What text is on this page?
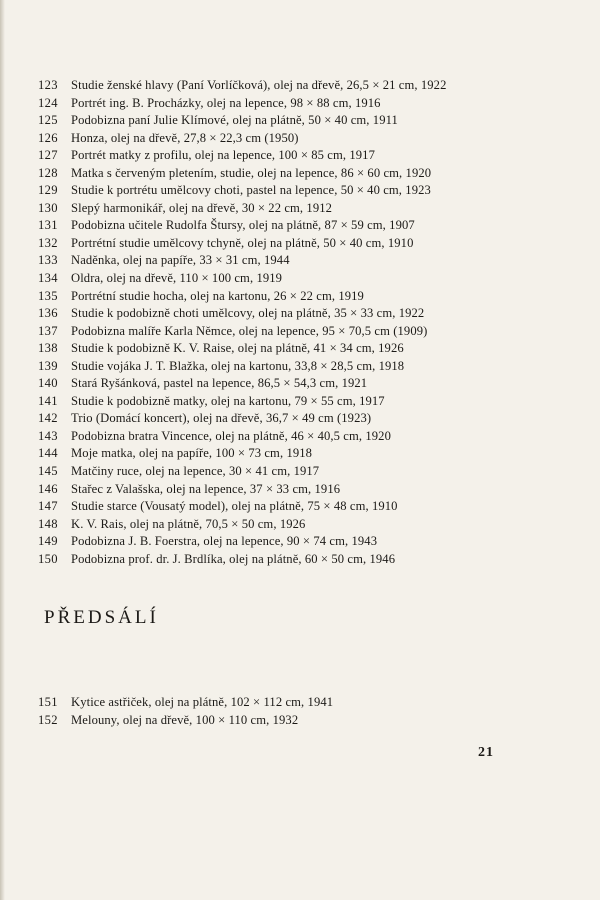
123	Studie ženské hlavy (Paní Vorlíčková), olej na dřevě, 26,5 × 21 cm, 1922
124	Portrét ing. B. Procházky, olej na lepence, 98 × 88 cm, 1916
125	Podobizna paní Julie Klímové, olej na plátně, 50 × 40 cm, 1911
126	Honza, olej na dřevě, 27,8 × 22,3 cm (1950)
127	Portrét matky z profilu, olej na lepence, 100 × 85 cm, 1917
128	Matka s červeným pletením, studie, olej na lepence, 86 × 60 cm, 1920
129	Studie k portrétu umělcovy choti, pastel na lepence, 50 × 40 cm, 1923
130	Slepý harmonikář, olej na dřevě, 30 × 22 cm, 1912
131	Podobizna učitele Rudolfa Štursy, olej na plátně, 87 × 59 cm, 1907
132	Portrétní studie umělcovy tchyně, olej na plátně, 50 × 40 cm, 1910
133	Naděnka, olej na papíře, 33 × 31 cm, 1944
134	Oldra, olej na dřevě, 110 × 100 cm, 1919
135	Portrétní studie hocha, olej na kartonu, 26 × 22 cm, 1919
136	Studie k podobizně choti umělcovy, olej na plátně, 35 × 33 cm, 1922
137	Podobizna malíře Karla Němce, olej na lepence, 95 × 70,5 cm (1909)
138	Studie k podobizně K. V. Raise, olej na plátně, 41 × 34 cm, 1926
139	Studie vojáka J. T. Blažka, olej na kartonu, 33,8 × 28,5 cm, 1918
140	Stará Ryšánková, pastel na lepence, 86,5 × 54,3 cm, 1921
141	Studie k podobizně matky, olej na kartonu, 79 × 55 cm, 1917
142	Trio (Domácí koncert), olej na dřevě, 36,7 × 49 cm (1923)
143	Podobizna bratra Vincence, olej na plátně, 46 × 40,5 cm, 1920
144	Moje matka, olej na papíře, 100 × 73 cm, 1918
145	Matčiny ruce, olej na lepence, 30 × 41 cm, 1917
146	Stařec z Valašska, olej na lepence, 37 × 33 cm, 1916
147	Studie starce (Vousatý model), olej na plátně, 75 × 48 cm, 1910
148	K. V. Rais, olej na plátně, 70,5 × 50 cm, 1926
149	Podobizna J. B. Foerstra, olej na lepence, 90 × 74 cm, 1943
150	Podobizna prof. dr. J. Brdlíka, olej na plátně, 60 × 50 cm, 1946
PŘEDSÁLÍ
151	Kytice astřiček, olej na plátně, 102 × 112 cm, 1941
152	Melouny, olej na dřevě, 100 × 110 cm, 1932
21
